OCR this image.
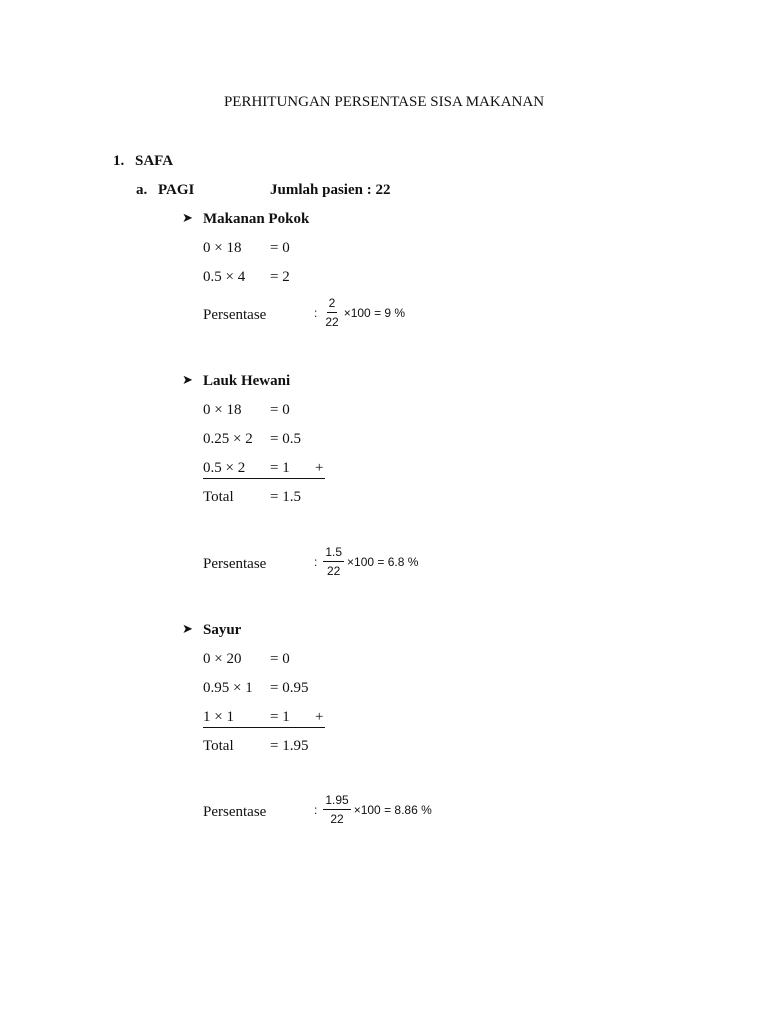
PERHITUNGAN PERSENTASE SISA MAKANAN
1. SAFA
a. PAGI	Jumlah pasien : 22
➤ Makanan Pokok
0 × 18 = 0
0.5 × 4 = 2
Persentase	: $\frac{2}{22} \times 100 = 9$ %
➤ Lauk Hewani
0 × 18 = 0
0.25 × 2 = 0.5
0.5 × 2 = 1 +
Total = 1.5
Persentase	: $\frac{1.5}{22} \times 100 = 6.8$ %
➤ Sayur
0 × 20 = 0
0.95 × 1 = 0.95
1 × 1 = 1 +
Total = 1.95
Persentase	: $\frac{1.95}{22} \times 100 = 8.86$ %
